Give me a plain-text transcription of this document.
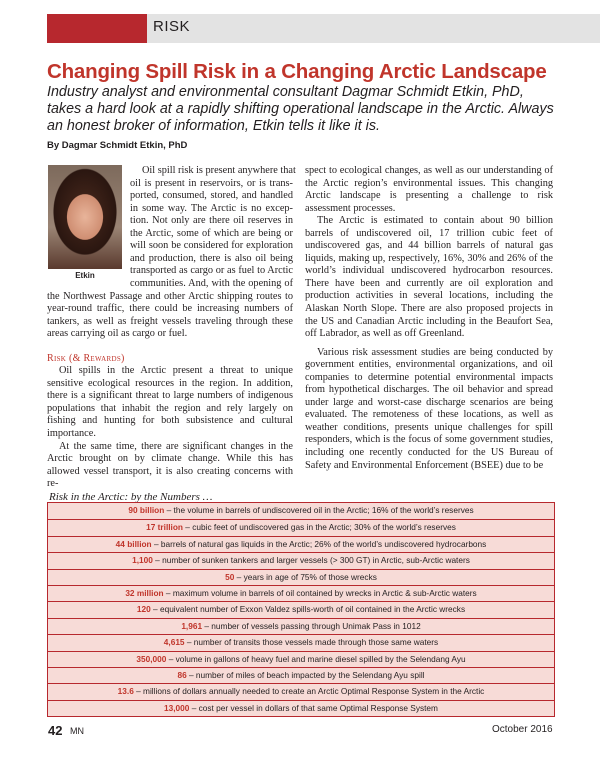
RISK
Changing Spill Risk in a Changing Arctic Landscape

Industry analyst and environmental consultant Dagmar Schmidt Etkin, PhD, takes a hard look at a rapidly shifting operational landscape in the Arctic. Always an honest broker of information, Etkin tells it like it is.

By Dagmar Schmidt Etkin, PhD
Etkin
Oil spill risk is present anywhere that
oil is present in reservoirs, or is trans-
ported, consumed, stored, and handled
in some way. The Arctic is no excep-
tion. Not only are there oil reserves in
the Arctic, some of which are being or
will soon be considered for exploration
and production, there is also oil being
transported as cargo or as fuel to Arctic
communities. And, with the opening of

the Northwest Passage and other Arctic shipping routes to year-round traffic, there could be increasing numbers of tankers, as well as freight vessels traveling through these areas carrying oil as cargo or fuel.

Risk (& Rewards)

Oil spills in the Arctic present a threat to unique sensitive ecological resources in the region. In addition, there is a significant threat to large numbers of indigenous populations that inhabit the region and rely largely on fishing and hunting for both subsistence and cultural importance.

At the same time, there are significant changes in the Arctic brought on by climate change. While this has allowed vessel transport, it is also creating concerns with re-

spect to ecological changes, as well as our understanding of the Arctic region’s environmental issues. This changing Arctic landscape is presenting a challenge to risk assessment processes.

The Arctic is estimated to contain about 90 billion barrels of undiscovered oil, 17 trillion cubic feet of undiscovered gas, and 44 billion barrels of natural gas liquids, making up, respectively, 16%, 30% and 26% of the world’s individual undiscovered hydrocarbon resources. There have been and currently are oil exploration and production activities in several locations, including the Alaskan North Slope. There are also proposed projects in the US and Canadian Arctic including in the Beaufort Sea, off Labrador, as well as off Greenland.

Various risk assessment studies are being conducted by government entities, environmental organizations, and oil companies to determine potential environmental impacts from hypothetical discharges. The oil behavior and spread under large and worst-case discharge scenarios are being evaluated. The remoteness of these locations, as well as weather conditions, presents unique challenges for spill responders, which is the focus of some government studies, including one recently conducted for the US Bureau of Safety and Environmental Enforcement (BSEE) due to be

Risk in the Arctic: by the Numbers …
90 billion – the volume in barrels of undiscovered oil in the Arctic; 16% of the world’s reserves
17 trillion – cubic feet of undiscovered gas in the Arctic; 30% of the world’s reserves
44 billion – barrels of natural gas liquids in the Arctic; 26% of the world’s undiscovered hydrocarbons
1,100 – number of sunken tankers and larger vessels (> 300 GT) in Arctic, sub-Arctic waters
50 – years in age of 75% of those wrecks
32 million – maximum volume in barrels of oil contained by wrecks in Arctic & sub-Arctic waters
120 – equivalent number of Exxon Valdez spills-worth of oil contained in the Arctic wrecks
1,961 – number of vessels passing through Unimak Pass in 1012
4,615 – number of transits those vessels made through those same waters
350,000 – volume in gallons of heavy fuel and marine diesel spilled by the Selendang Ayu
86 – number of miles of beach impacted by the Selendang Ayu spill
13.6 – millions of dollars annually needed to create an Arctic Optimal Response System in the Arctic
13,000 – cost per vessel in dollars of that same Optimal Response System
42 MN	October 2016
